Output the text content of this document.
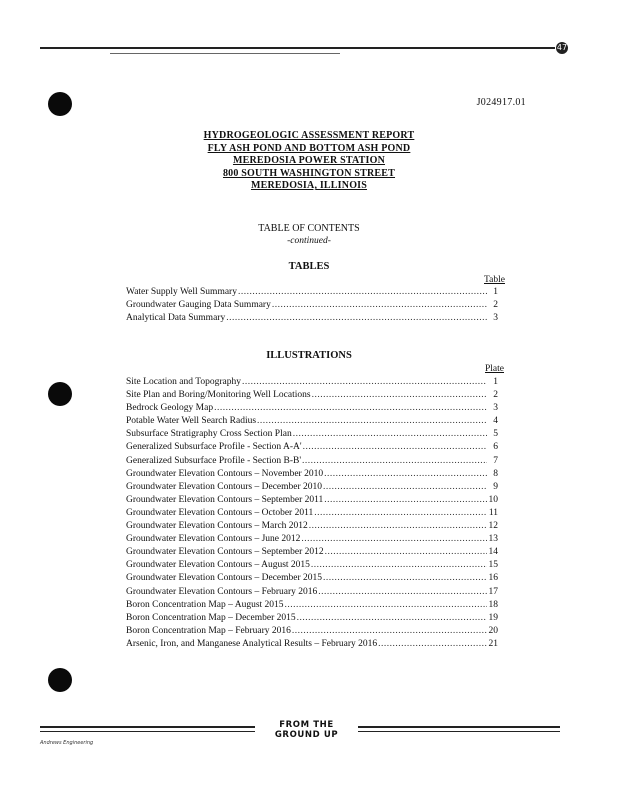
47
J024917.01
HYDROGEOLOGIC ASSESSMENT REPORT
FLY ASH POND AND BOTTOM ASH POND
MEREDOSIA POWER STATION
800 SOUTH WASHINGTON STREET
MEREDOSIA, ILLINOIS
TABLE OF CONTENTS
-continued-
TABLES
Table
Water Supply Well Summary .....	1
Groundwater Gauging Data Summary .....	2
Analytical Data Summary .....	3
ILLUSTRATIONS
Plate
Site Location and Topography .....	1
Site Plan and Boring/Monitoring Well Locations .....	2
Bedrock Geology Map .....	3
Potable Water Well Search Radius .....	4
Subsurface Stratigraphy Cross Section Plan .....	5
Generalized Subsurface Profile - Section A-A' .....	6
Generalized Subsurface Profile - Section B-B' .....	7
Groundwater Elevation Contours – November 2010 .....	8
Groundwater Elevation Contours – December 2010 .....	9
Groundwater Elevation Contours – September 2011 .....	10
Groundwater Elevation Contours – October 2011 .....	11
Groundwater Elevation Contours – March 2012 .....	12
Groundwater Elevation Contours – June 2012 .....	13
Groundwater Elevation Contours – September 2012 .....	14
Groundwater Elevation Contours – August 2015 .....	15
Groundwater Elevation Contours – December 2015 .....	16
Groundwater Elevation Contours – February 2016 .....	17
Boron Concentration Map – August 2015 .....	18
Boron Concentration Map – December 2015 .....	19
Boron Concentration Map – February 2016 .....	20
Arsenic, Iron, and Manganese Analytical Results – February 2016 .....	21
FROM THE GROUND UP
Andrews Engineering
